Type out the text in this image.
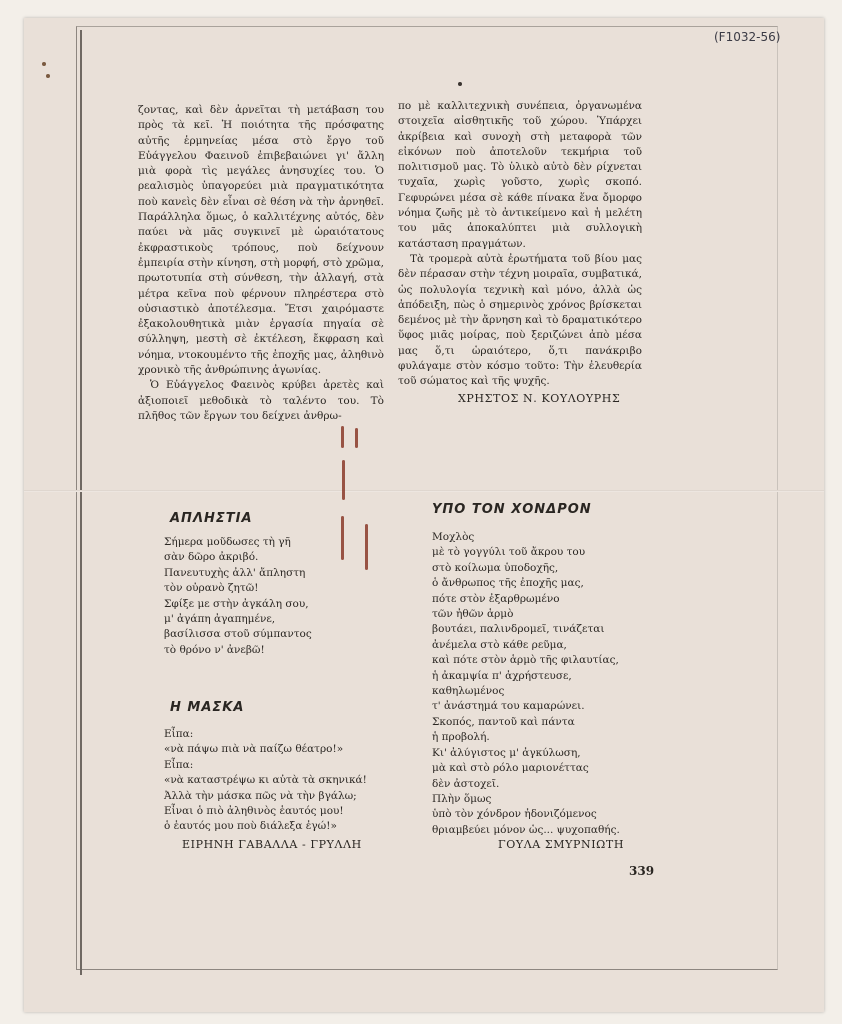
(F1032-56)

ζοντας, καὶ δὲν ἀρνεῖται τὴ μετάβαση του πρὸς τὰ κεῖ. Ἡ ποιότητα τῆς πρόσφατης αὐτῆς ἑρμηνείας μέσα στὸ ἔργο τοῦ Εὐάγγελου Φαεινοῦ ἐπιβεβαιώνει γι' ἄλλη μιὰ φορὰ τὶς μεγάλες ἀνησυχίες του. Ὁ ρεαλισμὸς ὑπαγορεύει μιὰ πραγματικότητα ποὺ κανεὶς δὲν εἶναι σὲ θέση νὰ τὴν ἀρνηθεῖ. Παράλληλα ὅμως, ὁ καλλιτέχνης αὐτός, δὲν παύει νὰ μᾶς συγκινεῖ μὲ ὡραιότατους ἐκφραστικοὺς τρόπους, ποὺ δείχνουν ἐμπειρία στὴν κίνηση, στὴ μορφή, στὸ χρῶμα, πρωτοτυπία στὴ σύνθεση, τὴν ἀλλαγή, στὰ μέτρα κεῖνα ποὺ φέρνουν πληρέστερα στὸ οὐσιαστικὸ ἀποτέλεσμα. Ἔτσι χαιρόμαστε ἐξακολουθητικὰ μιὰν ἐργασία πηγαία σὲ σύλληψη, μεστὴ σὲ ἐκτέλεση, ἔκφραση καὶ νόημα, ντοκουμέντο τῆς ἐποχῆς μας, ἀληθινὸ χρονικὸ τῆς ἀνθρώπινης ἀγωνίας.

Ὁ Εὐάγγελος Φαεινὸς κρύβει ἀρετὲς καὶ ἀξιοποιεῖ μεθοδικὰ τὸ ταλέντο του. Τὸ πλῆθος τῶν ἔργων του δείχνει ἀνθρω-

πο μὲ καλλιτεχνικὴ συνέπεια, ὀργανωμένα στοιχεῖα αἰσθητικῆς τοῦ χώρου. Ὑπάρχει ἀκρίβεια καὶ συνοχὴ στὴ μεταφορὰ τῶν εἰκόνων ποὺ ἀποτελοῦν τεκμήρια τοῦ πολιτισμοῦ μας. Τὸ ὑλικὸ αὐτὸ δὲν ρίχνεται τυχαῖα, χωρὶς γοῦστο, χωρὶς σκοπό. Γεφυρώνει μέσα σὲ κάθε πίνακα ἕνα ὄμορφο νόημα ζωῆς μὲ τὸ ἀντικείμενο καὶ ἡ μελέτη του μᾶς ἀποκαλύπτει μιὰ συλλογικὴ κατάσταση πραγμάτων.

Τὰ τρομερὰ αὐτὰ ἐρωτήματα τοῦ βίου μας δὲν πέρασαν στὴν τέχνη μοιραῖα, συμβατικά, ὡς πολυλογία τεχνικὴ καὶ μόνο, ἀλλὰ ὡς ἀπόδειξη, πὼς ὁ σημερινὸς χρόνος βρίσκεται δεμένος μὲ τὴν ἄρνηση καὶ τὸ δραματικότερο ὕφος μιᾶς μοίρας, ποὺ ξεριζώνει ἀπὸ μέσα μας ὅ,τι ὡραιότερο, ὅ,τι πανάκριβο φυλάγαμε στὸν κόσμο τοῦτο: Τὴν ἐλευθερία τοῦ σώματος καὶ τῆς ψυχῆς.

ΧΡΗΣΤΟΣ Ν. ΚΟΥΛΟΥΡΗΣ
ΑΠΛΗΣΤΙΑ
Σήμερα μοῦδωσες τὴ γῆ
σὰν δῶρο ἀκριβό.
Πανευτυχὴς ἀλλ' ἄπληστη
τὸν οὐρανὸ ζητῶ!
Σφίξε με στὴν ἀγκάλη σου,
μ' ἀγάπη ἀγαπημένε,
βασίλισσα στοῦ σύμπαντος
τὸ θρόνο ν' ἀνεβῶ!
Η ΜΑΣΚΑ
Εἶπα:
«νὰ πάψω πιὰ νὰ παίζω θέατρο!»
Εἶπα:
«νὰ καταστρέψω κι αὐτὰ τὰ σκηνικά!
Ἀλλὰ τὴν μάσκα πῶς νὰ τὴν βγάλω;
Εἶναι ὁ πιὸ ἀληθινὸς ἑαυτός μου!
ὁ ἑαυτός μου ποὺ διάλεξα ἐγώ!»
ΕΙΡΗΝΗ ΓΑΒΑΛΛΑ - ΓΡΥΛΛΗ
ΥΠΟ ΤΟΝ ΧΟΝΔΡΟΝ
Μοχλὸς
μὲ τὸ γογγύλι τοῦ ἄκρου του
στὸ κοίλωμα ὑποδοχῆς,
ὁ ἄνθρωπος τῆς ἐποχῆς μας,
πότε στὸν ἐξαρθρωμένο
τῶν ἠθῶν ἁρμὸ
βουτάει, παλινδρομεῖ, τινάζεται
ἀνέμελα στὸ κάθε ρεῦμα,
καὶ πότε στὸν ἁρμὸ τῆς φιλαυτίας,
ἡ ἀκαμψία π' ἀχρήστευσε,
καθηλωμένος
τ' ἀνάστημά του καμαρώνει.
Σκοπός, παντοῦ καὶ πάντα
ἡ προβολή.
Κι' ἀλύγιστος μ' ἀγκύλωση,
μὰ καὶ στὸ ρόλο μαριονέττας
δὲν ἀστοχεῖ.
Πλὴν ὅμως
ὑπὸ τὸν χόνδρον ἠδονιζόμενος
θριαμβεύει μόνον ὡς... ψυχοπαθής.
ΓΟΥΛΑ ΣΜΥΡΝΙΩΤΗ
339
